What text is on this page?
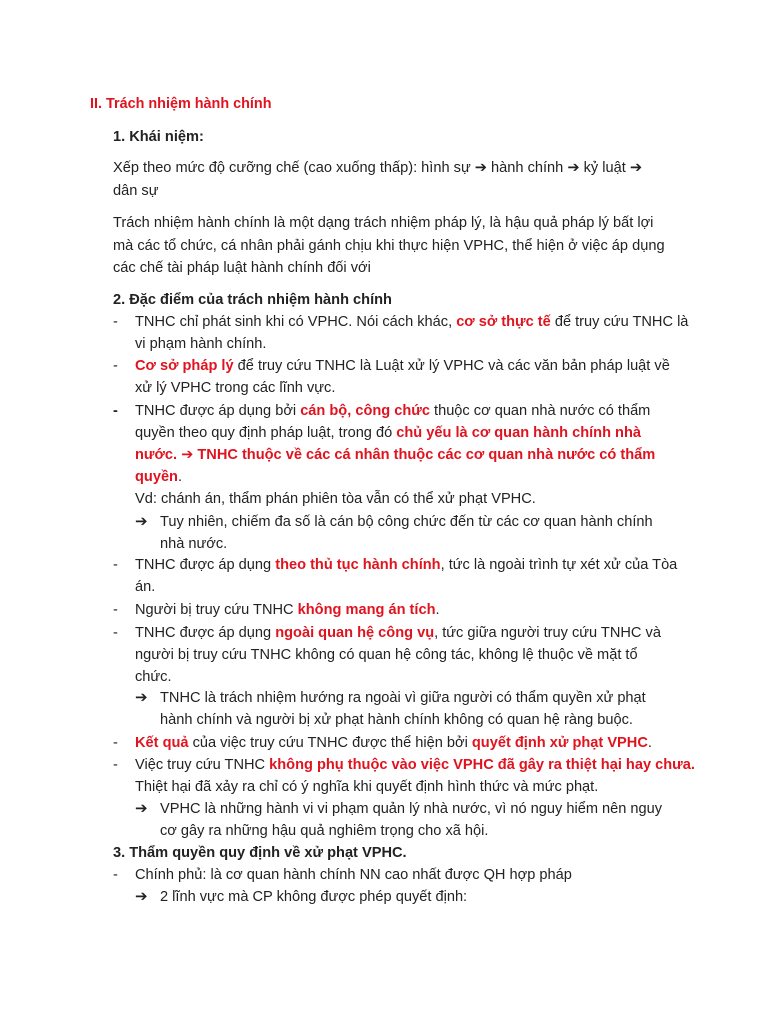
II. Trách nhiệm hành chính
1. Khái niệm:
Xếp theo mức độ cưỡng chế (cao xuống thấp): hình sự ➔ hành chính ➔ kỷ luật ➔
dân sự
Trách nhiệm hành chính là một dạng trách nhiệm pháp lý, là hậu quả pháp lý bất lợi
mà các tổ chức, cá nhân phải gánh chịu khi thực hiện VPHC, thể hiện ở việc áp dụng
các chế tài pháp luật hành chính đối với
2. Đặc điểm của trách nhiệm hành chính
- TNHC chỉ phát sinh khi có VPHC. Nói cách khác, cơ sở thực tế để truy cứu TNHC là
vi phạm hành chính.
- Cơ sở pháp lý để truy cứu TNHC là Luật xử lý VPHC và các văn bản pháp luật về
xử lý VPHC trong các lĩnh vực.
- TNHC được áp dụng bởi cán bộ, công chức thuộc cơ quan nhà nước có thẩm
quyền theo quy định pháp luật, trong đó chủ yếu là cơ quan hành chính nhà
nước. ➔ TNHC thuộc về các cá nhân thuộc các cơ quan nhà nước có thẩm
quyền.
Vd: chánh án, thẩm phán phiên tòa vẫn có thể xử phạt VPHC.
➔ Tuy nhiên, chiếm đa số là cán bộ công chức đến từ các cơ quan hành chính
nhà nước.
- TNHC được áp dụng theo thủ tục hành chính, tức là ngoài trình tự xét xử của Tòa
án.
- Người bị truy cứu TNHC không mang án tích.
- TNHC được áp dụng ngoài quan hệ công vụ, tức giữa người truy cứu TNHC và
người bị truy cứu TNHC không có quan hệ công tác, không lệ thuộc về mặt tổ
chức.
➔ TNHC là trách nhiệm hướng ra ngoài vì giữa người có thẩm quyền xử phạt
hành chính và người bị xử phạt hành chính không có quan hệ ràng buộc.
- Kết quả của việc truy cứu TNHC được thể hiện bởi quyết định xử phạt VPHC.
- Việc truy cứu TNHC không phụ thuộc vào việc VPHC đã gây ra thiệt hại hay chưa.
Thiệt hại đã xảy ra chỉ có ý nghĩa khi quyết định hình thức và mức phạt.
➔ VPHC là những hành vi vi phạm quản lý nhà nước, vì nó nguy hiểm nên nguy
cơ gây ra những hậu quả nghiêm trọng cho xã hội.
3. Thẩm quyền quy định về xử phạt VPHC.
- Chính phủ: là cơ quan hành chính NN cao nhất được QH hợp pháp
➔ 2 lĩnh vực mà CP không được phép quyết định:
